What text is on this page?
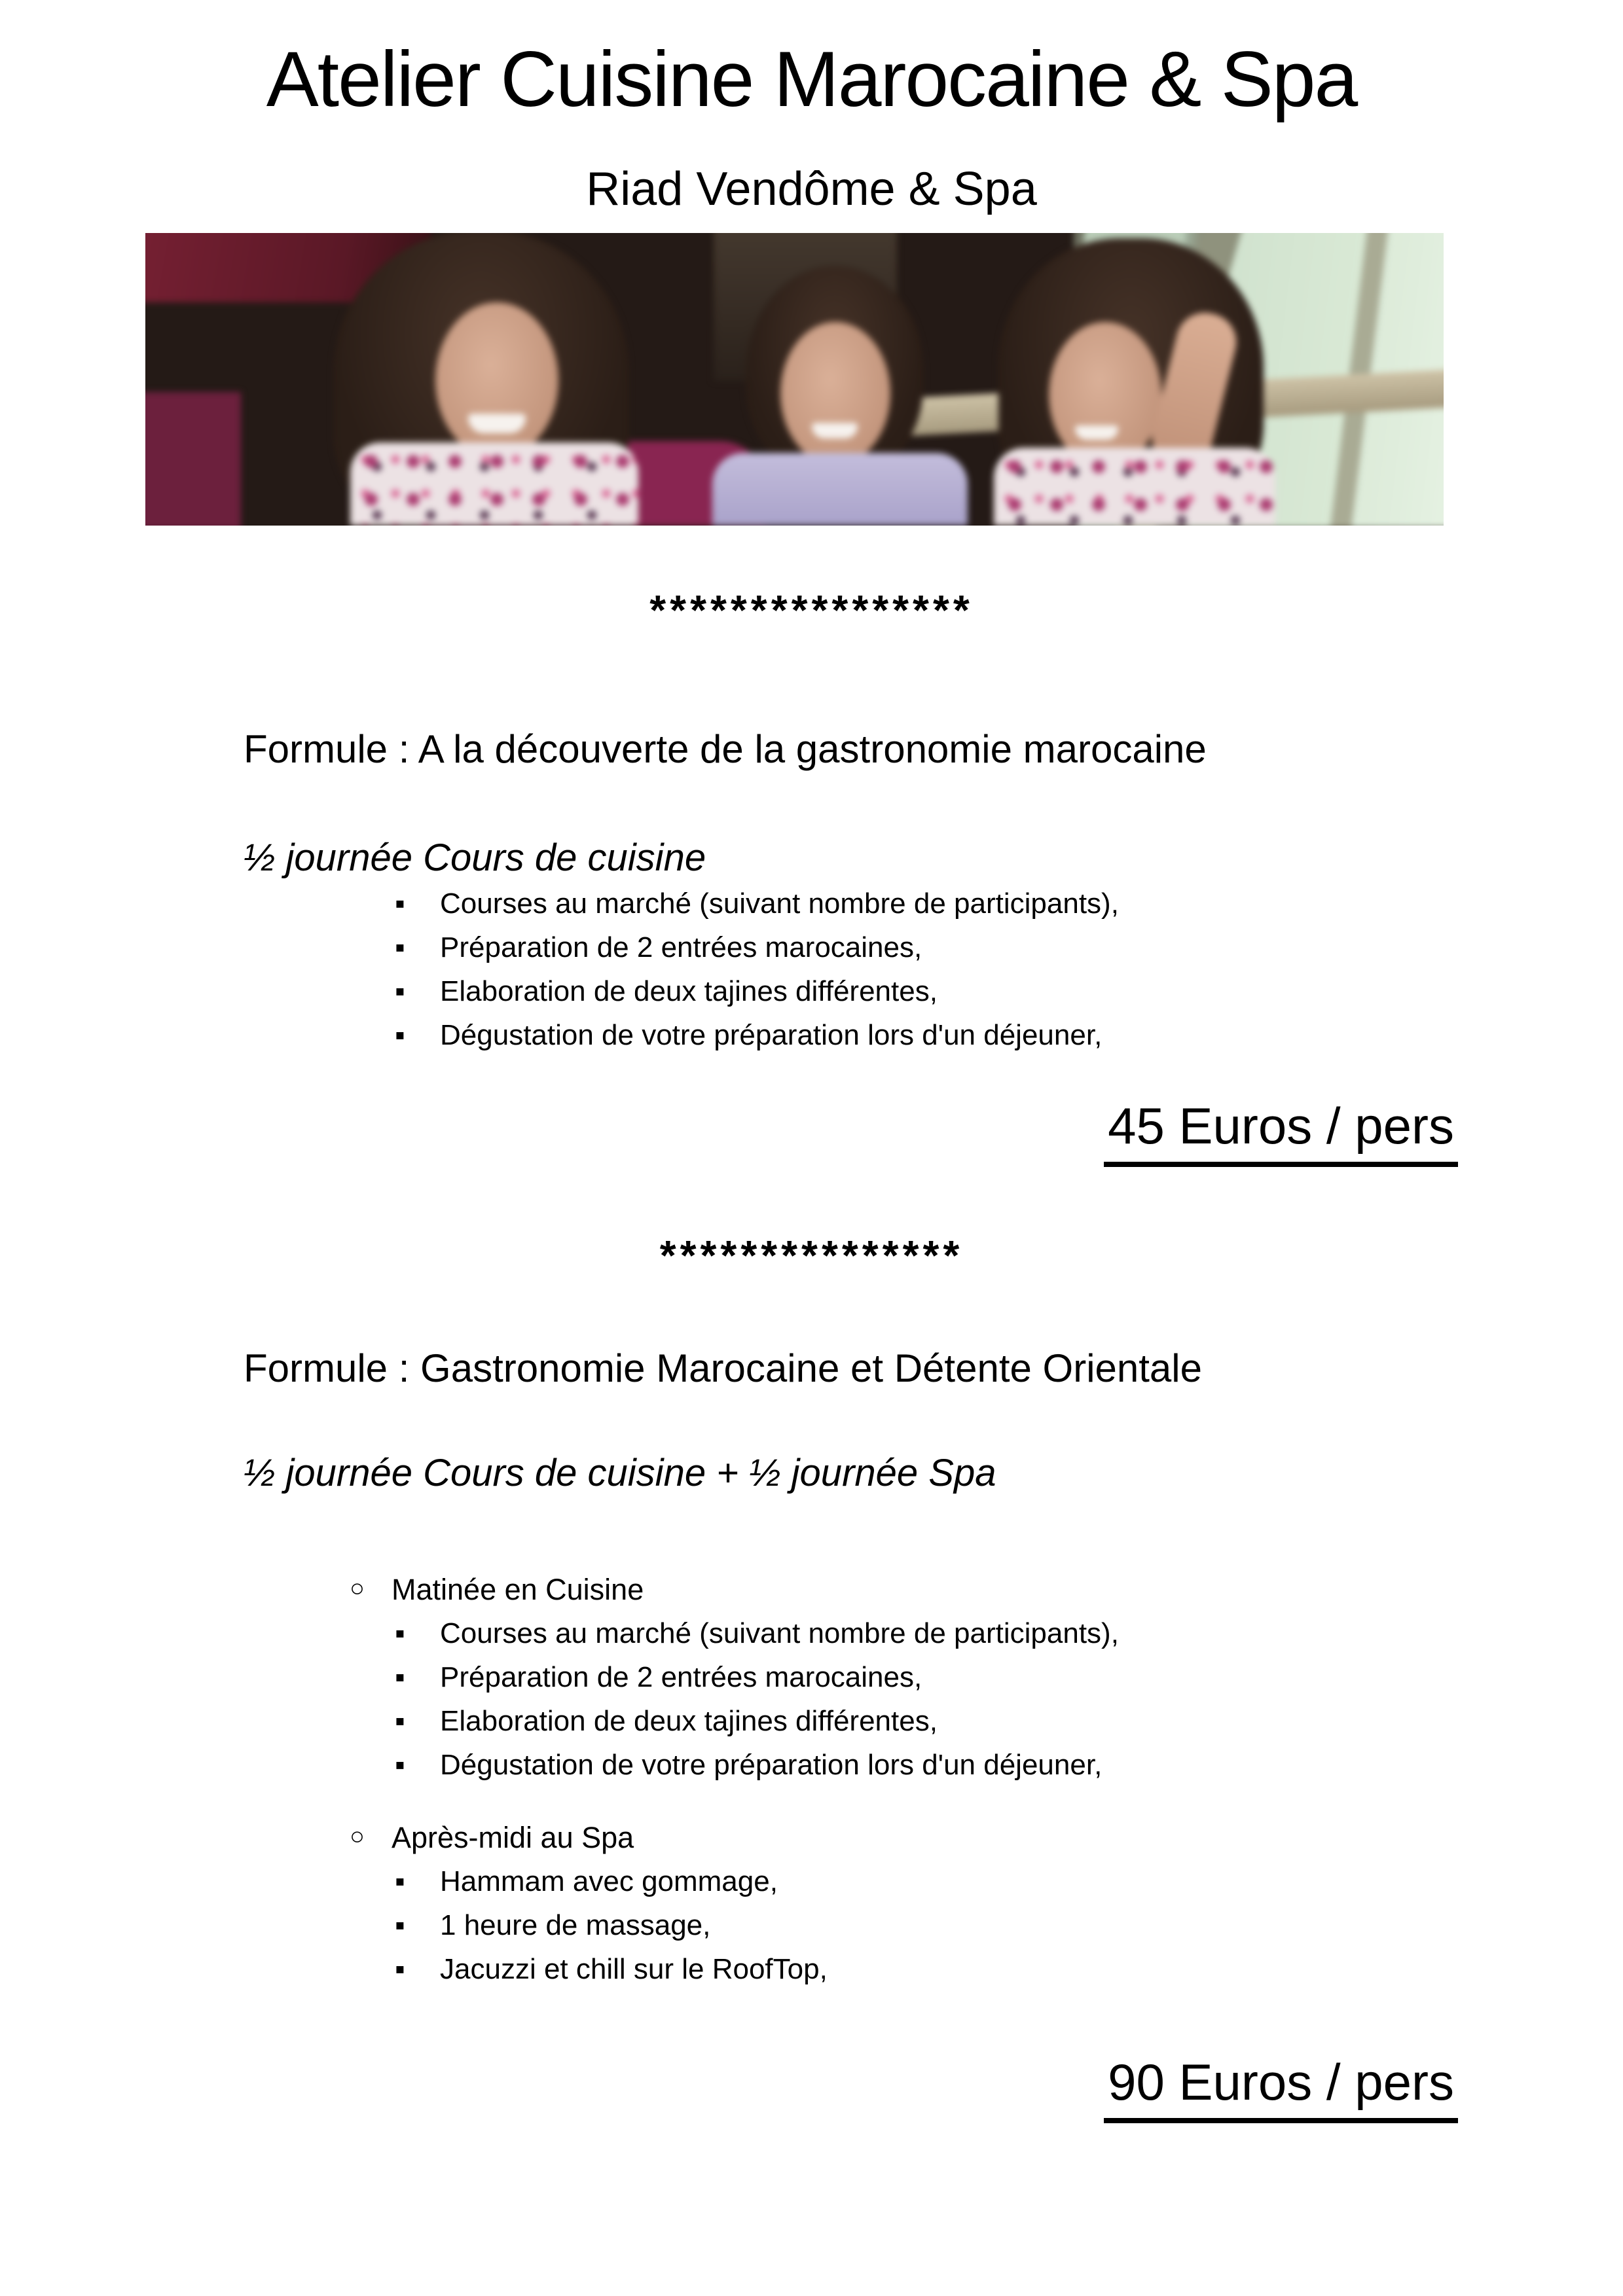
Atelier Cuisine Marocaine & Spa
Riad Vendôme & Spa
****************
Formule : A la découverte de la gastronomie marocaine
½ journée Cours de cuisine
▪ Courses au marché (suivant nombre de participants),
▪ Préparation de 2 entrées marocaines,
▪ Elaboration de deux tajines différentes,
▪ Dégustation de votre préparation lors d'un déjeuner,
45 Euros / pers
***************
Formule : Gastronomie Marocaine et Détente Orientale
½ journée Cours de cuisine + ½ journée Spa
○ Matinée en Cuisine
▪ Courses au marché (suivant nombre de participants),
▪ Préparation de 2 entrées marocaines,
▪ Elaboration de deux tajines différentes,
▪ Dégustation de votre préparation lors d'un déjeuner,
○ Après-midi au Spa
▪ Hammam avec gommage,
▪ 1 heure de massage,
▪ Jacuzzi et chill sur le RoofTop,
90 Euros / pers
